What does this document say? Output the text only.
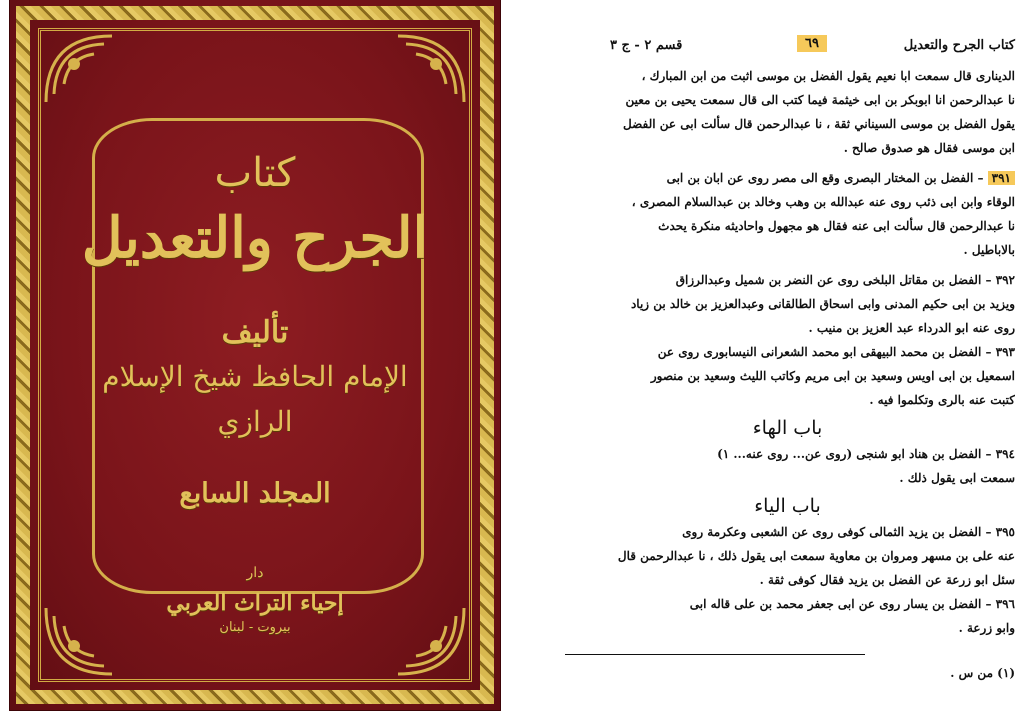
كتاب
الجرح والتعديل
تأليف
الإمام الحافظ شيخ الإسلام
الرازي
المجلد السابع
دار
إحياء التراث العربي
بيروت - لبنان
كتاب الجرح والتعديل
٦٩
قسم ٢ - ج ٣
الدينارى قال سمعت ابا نعيم يقول الفضل بن موسى اثبت من ابن المبارك ،
نا عبدالرحمن انا ابوبكر بن ابى خيثمة فيما كتب الى قال سمعت يحيى بن معين
يقول الفضل بن موسى السيناني ثقة ، نا عبدالرحمن قال سألت ابى عن الفضل
ابن موسى فقال هو صدوق صالح .
٣٩١ – الفضل بن المختار البصرى وقع الى مصر روى عن ابان بن ابى
الوقاء وابن ابى ذئب روى عنه عبدالله بن وهب وخالد بن عبدالسلام المصرى ،
نا عبدالرحمن قال سألت ابى عنه فقال هو مجهول واحاديثه منكرة يحدث
بالاباطيل .
٣٩٢ – الفضل بن مقاتل البلخى روى عن النضر بن شميل وعبدالرزاق
ويزيد بن ابى حكيم المدنى وابى اسحاق الطالقانى وعبدالعزيز بن خالد بن زياد
روى عنه ابو الدرداء عبد العزيز بن منيب .
٣٩٣ – الفضل بن محمد البيهقى ابو محمد الشعرانى النيسابورى روى عن
اسمعيل بن ابى اويس وسعيد بن ابى مريم وكاتب الليث وسعيد بن منصور
كتبت عنه بالرى وتكلموا فيه .
باب الهاء
٣٩٤ – الفضل بن هناد ابو شنجى (روى عن... روى عنه... ١)
سمعت ابى يقول ذلك .
باب الياء
٣٩٥ – الفضل بن يزيد الثمالى كوفى روى عن الشعبى وعكرمة روى
عنه على بن مسهر ومروان بن معاوية سمعت ابى يقول ذلك ، نا عبدالرحمن قال
سئل ابو زرعة عن الفضل بن يزيد فقال كوفى ثقة .
٣٩٦ – الفضل بن يسار روى عن ابى جعفر محمد بن على قاله ابى
وابو زرعة .
(١) من س .
